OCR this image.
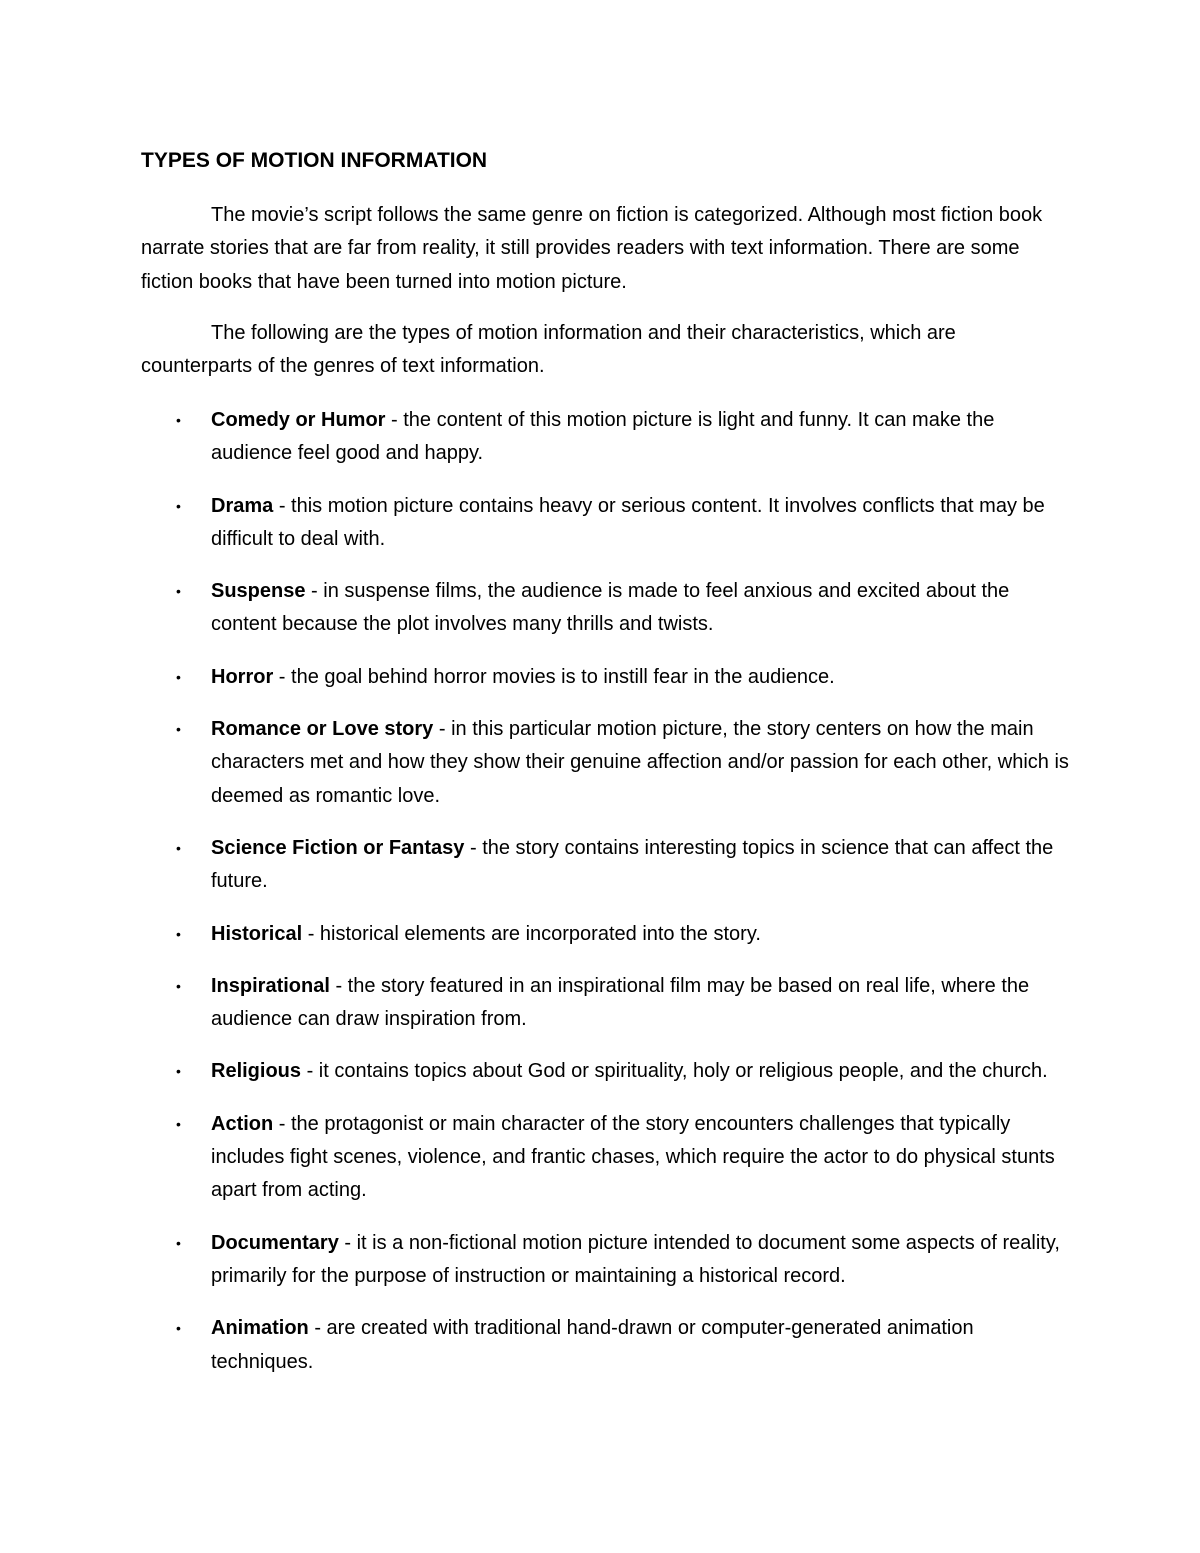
TYPES OF MOTION INFORMATION

The movie’s script follows the same genre on fiction is categorized. Although most fiction book narrate stories that are far from reality, it still provides readers with text information. There are some fiction books that have been turned into motion picture.

The following are the types of motion information and their characteristics, which are counterparts of the genres of text information.

• Comedy or Humor - the content of this motion picture is light and funny. It can make the audience feel good and happy.
• Drama - this motion picture contains heavy or serious content. It involves conflicts that may be difficult to deal with.
• Suspense - in suspense films, the audience is made to feel anxious and excited about the content because the plot involves many thrills and twists.
• Horror - the goal behind horror movies is to instill fear in the audience.
• Romance or Love story - in this particular motion picture, the story centers on how the main characters met and how they show their genuine affection and/or passion for each other, which is deemed as romantic love.
• Science Fiction or Fantasy - the story contains interesting topics in science that can affect the future.
• Historical - historical elements are incorporated into the story.
• Inspirational - the story featured in an inspirational film may be based on real life, where the audience can draw inspiration from.
• Religious - it contains topics about God or spirituality, holy or religious people, and the church.
• Action - the protagonist or main character of the story encounters challenges that typically includes fight scenes, violence, and frantic chases, which require the actor to do physical stunts apart from acting.
• Documentary - it is a non-fictional motion picture intended to document some aspects of reality, primarily for the purpose of instruction or maintaining a historical record.
• Animation - are created with traditional hand-drawn or computer-generated animation techniques.
